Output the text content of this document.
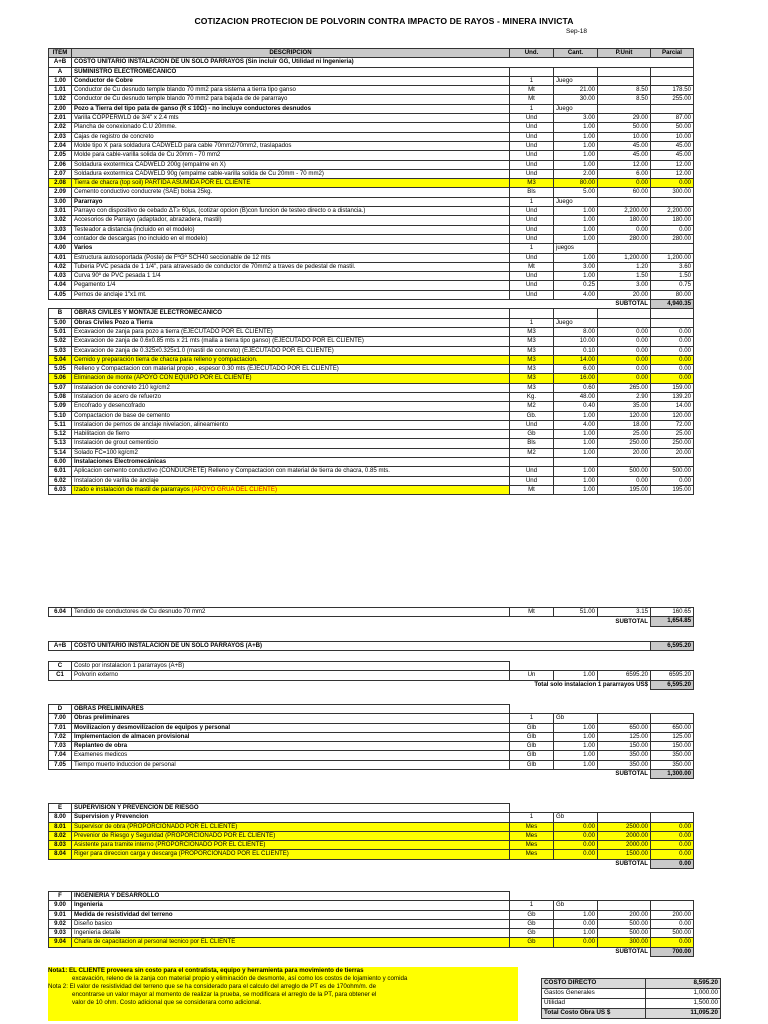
COTIZACION PROTECION DE POLVORIN CONTRA IMPACTO DE RAYOS - MINERA INVICTA
Sep-18
ITEM	DESCRIPCION	Und.	Cant.	P.Unit	Parcial
A+B	COSTO UNITARIO INSTALACION DE UN SOLO PARRAYOS (Sin incluir GG, Utilidad ni Ingenieria)				
A	SUMINISTRO ELECTROMECANICO				
1.00	Conductor de Cobre	1	Juego		
1.01	Conductor de Cu desnudo temple blando 70 mm2 para sistema a tierra tipo ganso	Mt	21.00	8.50	178.50
1.02	Conductor de Cu desnudo temple blando 70 mm2 para bajada de de pararrayo	Mt	30.00	8.50	255.00
2.00	Pozo a Tierra del tipo pata de ganso (R ≤ 10Ω) - no incluye conductores desnudos	1	Juego		
2.01	Varilla COPPERWLD de 3/4" x 2.4 mts	Und	3.00	29.00	87.00
2.02	Plancha de conexionado C.U 20mme.	Und	1.00	50.00	50.00
2.03	Cajas de registro de concreto	Und	1.00	10.00	10.00
2.04	Molde tipo X para soldadura CADWELD para cable 70mm2/70mm2, traslapados	Und	1.00	45.00	45.00
2.05	Molde para cable-varilla solida de Cu 20mm - 70 mm2	Und	1.00	45.00	45.00
2.06	Soldadura exotermica CADWELD 200g (empalme en X)	Und	1.00	12.00	12.00
2.07	Soldadura exotermica CADWELD 90g (empalme cable-varilla solida de Cu 20mm - 70 mm2)	Und	2.00	6.00	12.00
2.08	Tierra de chacra (top soil) PARTIDA ASUMIDA POR EL CLIENTE	M3	80.00	0.00	0.00
2.09	Cemento conductivo conducrete (SAE) bolsa 25kg.	Bls	5.00	60.00	300.00
3.00	Pararrayo	1	Juego		
3.01	Parrayo con dispositivo de cebado ΔT≥ 60μs, (cotizar opcion (B)con funcion de testeo directo o a distancia.)	Und	1.00	2,200.00	2,200.00
3.02	Accesorios de Parrayo (adaptador, abrazadera, mastil)	Und	1.00	180.00	180.00
3.03	Testeador a distancia (incluido en el modelo)	Und	1.00	0.00	0.00
3.04	contador de descargas (no incluido en el modelo)	Und	1.00	280.00	280.00
4.00	Varios	1	juegos		
4.01	Estructura autosoportada (Poste) de FºGº SCH40 seccionable de 12 mts	Und	1.00	1,200.00	1,200.00
4.02	Tuberia PVC pesada de 1 1/4", para atravesado de conductor de 70mm2 a traves de pedestal de mastil.	Mt	3.00	1.20	3.60
4.03	Curva 90º de PVC pesada 1 1/4	Und	1.00	1.50	1.50
4.04	Pegamento 1/4	Und	0.25	3.00	0.75
4.05	Pernos de anclaje 1"x1 mt.	Und	4.00	20.00	80.00
				SUBTOTAL	4,940.35
B	OBRAS CIVILES Y MONTAJE ELECTROMECANICO				
5.00	Obras Civiles Pozo a Tierra	1	Juego		
5.01	Excavacion de zanja para pozo a tierra (EJECUTADO POR EL CLIENTE)	M3	8.00	0.00	0.00
5.02	Excavacion de zanja de 0.6x0.85 mts x 21 mts (malla a tierra tipo ganso) (EJECUTADO POR EL CLIENTE)	M3	10.00	0.00	0.00
5.03	Excavacion de zanja de 0.325x0.325x1.0 (mastil de concreto) (EJECUTADO POR EL CLIENTE)	M3	0.10	0.00	0.00
5.04	Cernido y preparación tierra de chacra para relleno y compactacion.	M3	14.00	0.00	0.00
5.05	Relleno y Compactacion con material propio , espesor 0.30 mts (EJECUTADO POR EL CLIENTE)	M3	6.00	0.00	0.00
5.06	Eliminacion de monte (APOYO CON EQUIPO POR EL CLIENTE)	M3	16.00	0.00	0.00
5.07	Instalacion de concreto 210 kg/cm2	M3	0.60	265.00	159.00
5.08	Instalacion de acero de refuerzo	Kg.	48.00	2.90	139.20
5.09	Encofrado y desencofrado	M2	0.40	35.00	14.00
5.10	Compactacion de base de cemento	Gb.	1.00	120.00	120.00
5.11	Instalacion de pernos de anclaje nivelacion, alineamiento	Und	4.00	18.00	72.00
5.12	Habilitacion de fierro	Gb	1.00	25.00	25.00
5.13	Instalación de grout cementicio	Bls	1.00	250.00	250.00
5.14	Solado FC=100 kg/cm2	M2	1.00	20.00	20.00
6.00	Instalaciones Electromecánicas				
6.01	Aplicacion cemento conductivo (CONDUCRETE) Relleno y Compactacion con material de tierra de chacra, 0.85 mts.	Und	1.00	500.00	500.00
6.02	Instalacion de varilla de anclaje	Und	1.00	0.00	0.00
6.03	Izado e instalación de mastil de pararrayos (APOYO GRUA DEL CLIENTE)	Mt	1.00	195.00	195.00
6.04	Tendido de conductores de Cu desnudo 70 mm2	Mt	51.00	3.15	160.65
				SUBTOTAL	1,654.85
A+B	COSTO UNITARIO INSTALACION DE UN SOLO PARRAYOS (A+B)	6,595.20
C	Costo por instalacion 1 pararrayos (A+B)				
C1	Polvorin externo	Un	1.00	6595.20	6595.20
		Total solo instalacion 1 pararrayos US$			6,595.20
D	OBRAS PRELIMINARES				
7.00	Obras preliminares	1	Gb		
7.01	Movilizacion y desmovilizacion de equipos y personal	Glb	1.00	650.00	650.00
7.02	Implementacion de almacen provisional	Glb	1.00	125.00	125.00
7.03	Replanteo de obra	Glb	1.00	150.00	150.00
7.04	Examenes medicos	Glb	1.00	350.00	350.00
7.05	Tiempo muerto induccion de personal	Glb	1.00	350.00	350.00
				SUBTOTAL	1,300.00
E	SUPERVISION Y PREVENCION DE RIESGO				
8.00	Supervision y Prevencion	1	Gb		
8.01	Supervisor de obra (PROPORCIONADO POR EL CLIENTE)	Mes	0.00	2500.00	0.00
8.02	Prevenior de Riesgo y Seguridad (PROPORCIONADO POR EL CLIENTE)	Mes	0.00	2000.00	0.00
8.03	Asistente para tramite interno (PROPORCIONADO POR EL CLIENTE)	Mes	0.00	2000.00	0.00
8.04	Riger para direccion carga y descarga (PROPORCIONADO POR EL CLIENTE)	Mes	0.00	1500.00	0.00
				SUBTOTAL	0.00
F	INGENIERIA Y DESARROLLO				
9.00	Ingenieria	1	Gb		
9.01	Medida de resistividad del terreno	Gb	1.00	200.00	200.00
9.02	Diseño basico	Gb	0.00	500.00	0.00
9.03	Ingenieria detalle	Gb	1.00	500.00	500.00
9.04	Charla de capacitacion al personal tecnico por EL CLIENTE	Gb	0.00	300.00	0.00
				SUBTOTAL	700.00
Nota1: EL CLIENTE proveera sin costo para el contratista, equipo y herramienta para movimiento de tierras
excavación, releno de la zanja con material propio y eliminación de desmonte, así como los costos de lojamiento y comida
Nota 2: El valor de resistividad del terreno que se ha considerado para el calculo del arreglo de PT es de 170ohm/m. de
encontrarse un valor mayor al momento de realizar la prueba, se modificara el arreglo de la PT, para obtener el
valor de 10 ohm. Costo adicional que se considerara como adicional.
COSTO DIRECTO	8,595.20
Gastos Generales	1,000.00
Utilidad	1,500.00
Total Costo Obra US $	11,095.20
